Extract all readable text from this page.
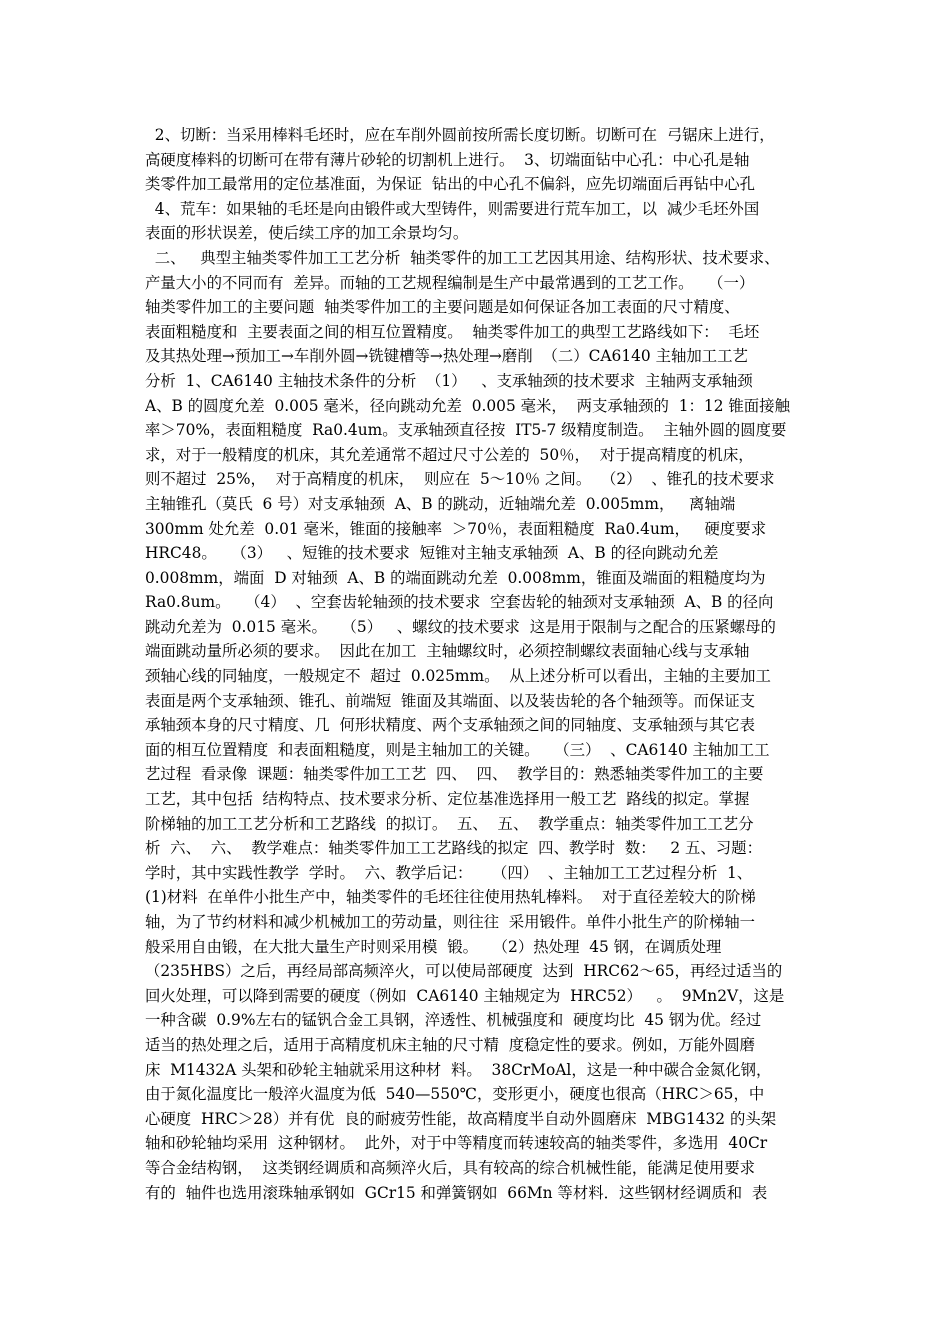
2、切断：当采用棒料毛坯时，应在车削外圆前按所需长度切断。切断可在  弓锯床上进行，
高硬度棒料的切断可在带有薄片砂轮的切割机上进行。  3、切端面钻中心孔：中心孔是轴
类零件加工最常用的定位基准面，为保证  钻出的中心孔不偏斜，应先切端面后再钻中心孔
4、荒车：如果轴的毛坯是向由锻件或大型铸件，则需要进行荒车加工，以  减少毛坯外国
表面的形状误差，使后续工序的加工余景均匀。
二、   典型主轴类零件加工工艺分析  轴类零件的加工工艺因其用途、结构形状、技术要求、
产量大小的不同而有  差异。而轴的工艺规程编制是生产中最常遇到的工艺工作。   （一）
轴类零件加工的主要问题  轴类零件加工的主要问题是如何保证各加工表面的尺寸精度、
表面粗糙度和  主要表面之间的相互位置精度。  轴类零件加工的典型工艺路线如下：  毛坯
及其热处理→预加工→车削外圆→铣键槽等→热处理→磨削  （二）CA6140 主轴加工工艺
分析  1、CA6140 主轴技术条件的分析  （1）   、支承轴颈的技术要求  主轴两支承轴颈
A、B 的圆度允差  0.005 毫米，径向跳动允差  0.005 毫米，  两支承轴颈的  1：12 锥面接触
率＞70%，表面粗糙度  Ra0.4um。支承轴颈直径按  IT5-7 级精度制造。  主轴外圆的圆度要
求，对于一般精度的机床，其允差通常不超过尺寸公差的  50％，  对于提高精度的机床，
则不超过  25%，  对于高精度的机床，  则应在  5～10％ 之间。  （2）  、锥孔的技术要求
主轴锥孔（莫氏  6 号）对支承轴颈  A、B 的跳动，近轴端允差  0.005mm，   离轴端
300mm 处允差  0.01 毫米，锥面的接触率  ＞70％，表面粗糙度  Ra0.4um，   硬度要求
HRC48。   （3）   、短锥的技术要求  短锥对主轴支承轴颈  A、B 的径向跳动允差
0.008mm，端面  D 对轴颈  A、B 的端面跳动允差  0.008mm，锥面及端面的粗糙度均为
Ra0.8um。   （4）  、空套齿轮轴颈的技术要求  空套齿轮的轴颈对支承轴颈  A、B 的径向
跳动允差为  0.015 毫米。   （5）   、螺纹的技术要求  这是用于限制与之配合的压紧螺母的
端面跳动量所必须的要求。  因此在加工  主轴螺纹时，必须控制螺纹表面轴心线与支承轴
颈轴心线的同轴度，一般规定不  超过  0.025mm。  从上述分析可以看出，主轴的主要加工
表面是两个支承轴颈、锥孔、前端短  锥面及其端面、以及装齿轮的各个轴颈等。而保证支
承轴颈本身的尺寸精度、几  何形状精度、两个支承轴颈之间的同轴度、支承轴颈与其它表
面的相互位置精度  和表面粗糙度，则是主轴加工的关键。   （三）  、CA6140 主轴加工工
艺过程  看录像  课题：轴类零件加工工艺  四、  四、  教学目的：熟悉轴类零件加工的主要
工艺，其中包括  结构特点、技术要求分析、定位基准选择用一般工艺  路线的拟定。掌握
阶梯轴的加工工艺分析和工艺路线  的拟订。  五、  五、  教学重点：轴类零件加工工艺分
析  六、  六、  教学难点：轴类零件加工工艺路线的拟定  四、教学时  数：   2 五、习题：
学时，其中实践性教学  学时。  六、教学后记：    （四）  、主轴加工工艺过程分析  1、
(1)材料  在单件小批生产中，轴类零件的毛坯往往使用热轧棒料。  对于直径差较大的阶梯
轴，为了节约材料和减少机械加工的劳动量，则往往  采用锻件。单件小批生产的阶梯轴一
般采用自由锻，在大批大量生产时则采用模  锻。   （2）热处理  45 钢，在调质处理
（235HBS）之后，再经局部高频淬火，可以使局部硬度  达到  HRC62～65，再经过适当的
回火处理，可以降到需要的硬度（例如  CA6140 主轴规定为  HRC52）   。  9Mn2V，这是
一种含碳  0.9%左右的锰钒合金工具钢，淬透性、机械强度和  硬度均比  45 钢为优。经过
适当的热处理之后，适用于高精度机床主轴的尺寸精  度稳定性的要求。例如，万能外圆磨
床  M1432A 头架和砂轮主轴就采用这种材  料。  38CrMoAl，这是一种中碳合金氮化钢，
由于氮化温度比一般淬火温度为低  540—550℃，变形更小，硬度也很高（HRC＞65，中
心硬度  HRC＞28）并有优  良的耐疲劳性能，故高精度半自动外圆磨床  MBG1432 的头架
轴和砂轮轴均采用  这种钢材。  此外，对于中等精度而转速较高的轴类零件，多选用  40Cr
等合金结构钢，  这类钢经调质和高频淬火后，具有较高的综合机械性能，能满足使用要求
有的  轴件也选用滚珠轴承钢如  GCr15 和弹簧钢如  66Mn 等材料．这些钢材经调质和  表
